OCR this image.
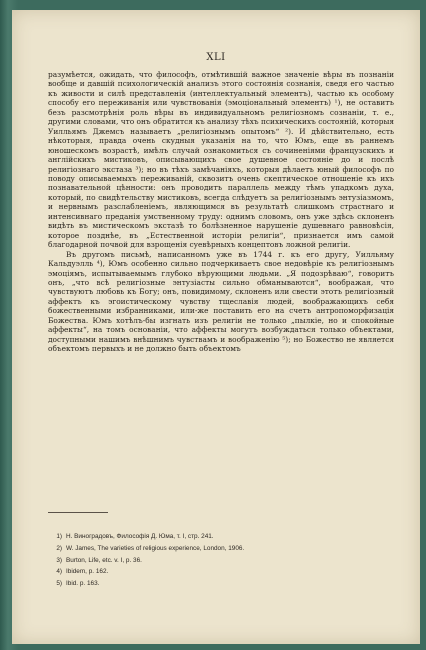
XLI

разумѣется, ожидать, что философъ, отмѣтившій важное значеніе вѣры въ познаніи вообще и давшій психологическій анализъ этого состоянія сознанія, сведя его частью къ живости и силѣ представленія (интеллектуальный элементъ), частью къ особому способу его переживанія или чувствованія (эмоціональный элементъ) ¹), не оставитъ безъ разсмотрѣнія роль вѣры въ индивидуальномъ религіозномъ сознаніи, т. е., другими словами, что онъ обратится къ анализу тѣхъ психическихъ состояній, которыя Уилльямъ Джемсъ называетъ „религіознымъ опытомъ“ ²). И дѣйствительно, есть нѣкоторыя, правда очень скудныя указанія на то, что Юмъ, еще въ раннемъ юношескомъ возрастѣ, имѣлъ случай ознакомиться съ сочиненіями французскихъ и англійскихъ мистиковъ, описывающихъ свое душевное состояніе до и послѣ религіознаго экстаза ³); но въ тѣхъ замѣчаніяхъ, которыя дѣлаетъ юный философъ по поводу описываемыхъ переживаній, сквозитъ очень скептическое отношеніе къ ихъ познавательной цѣнности: онъ проводитъ параллель между тѣмъ упадкомъ духа, который, по свидѣтельству мистиковъ, всегда слѣдуетъ за религіознымъ энтузіазмомъ, и нервнымъ разслабленіемъ, являющимся въ результатѣ слишкомъ страстнаго и интенсивнаго преданія умственному труду: однимъ словомъ, онъ уже здѣсь склоненъ видѣть въ мистическомъ экстазѣ то болѣзненное нарушеніе душевнаго равновѣсія, которое позднѣе, въ „Естественной исторіи религіи“, признается имъ самой благодарной почвой для взрощенія суевѣрныхъ концептовъ ложной религіи.

Въ другомъ письмѣ, написанномъ уже въ 1744 г. къ его другу, Уилльяму Кальдуэлль ⁴), Юмъ особенно сильно подчеркиваетъ свое недовѣріе къ религіознымъ эмоціямъ, испытываемымъ глубоко вѣрующими людьми. „Я подозрѣваю“, говоритъ онъ, „что всѣ религіозные энтузіасты сильно обманываются“, воображая, что чувствуютъ любовь къ Богу; онъ, повидимому, склоненъ или свести этотъ религіозный аффектъ къ эгоистическому чувству тщеславія людей, воображающихъ себя божественными избранниками, или-же поставить его на счетъ антропоморфизація Божества. Юмъ хотѣлъ-бы изгнать изъ религіи не только „пылкіе, но и спокойные аффекты“, на томъ основаніи, что аффекты могутъ возбуждаться только объектами, доступными нашимъ внѣшнимъ чувствамъ и воображенію ⁵); но Божество не является объектомъ первыхъ и не должно быть объектомъ

1) Н. Виноградовъ, Философія Д. Юма, т. I, стр. 241.
2) W. James, The varieties of religious experience, London, 1906.
3) Burton, Life, etc. v. I, p. 36.
4) Ibidem, p. 162.
5) Ibid. p. 163.
